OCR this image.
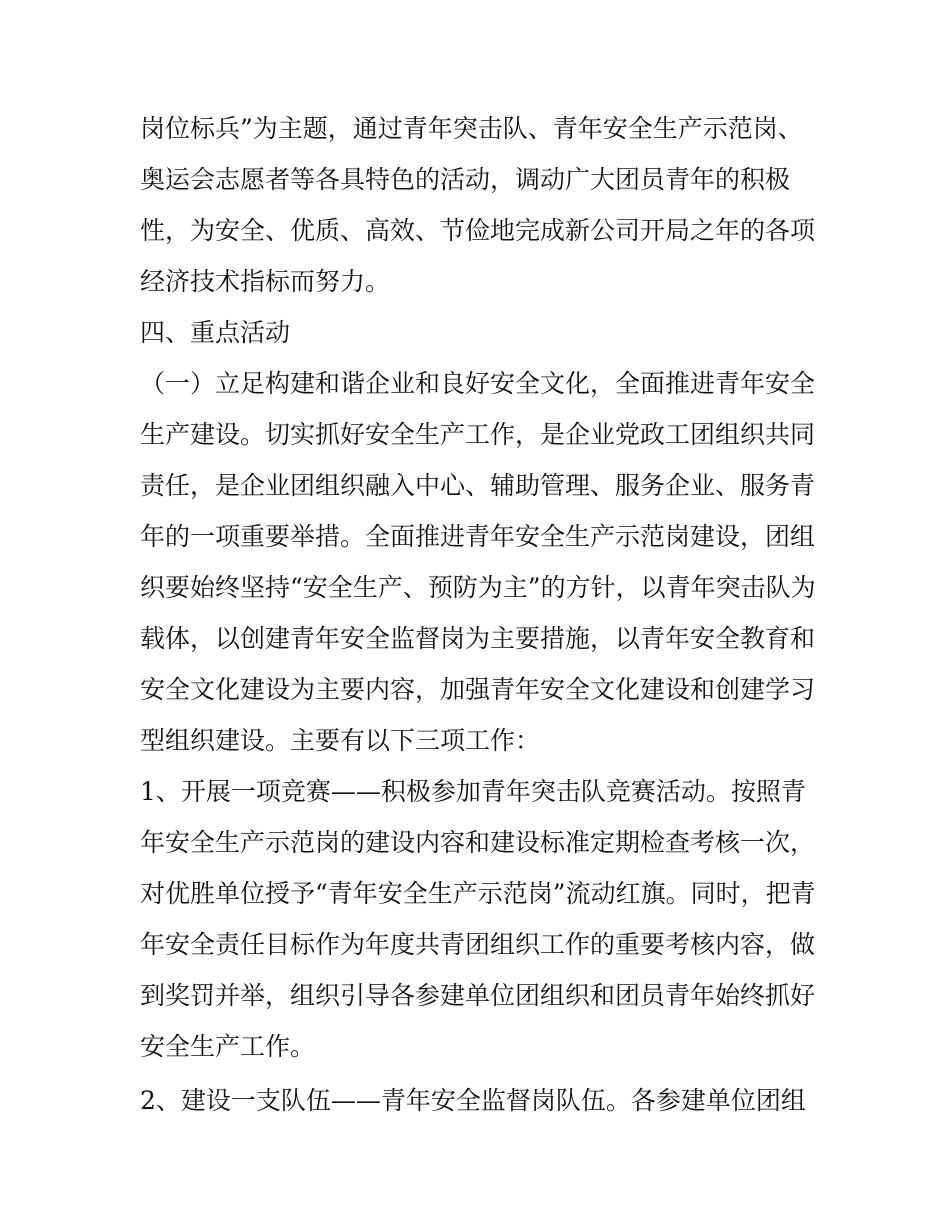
岗位标兵”为主题，通过青年突击队、青年安全生产示范岗、
奥运会志愿者等各具特色的活动，调动广大团员青年的积极
性，为安全、优质、高效、节俭地完成新公司开局之年的各项
经济技术指标而努力。
四、重点活动
（一）立足构建和谐企业和良好安全文化，全面推进青年安全
生产建设。切实抓好安全生产工作，是企业党政工团组织共同
责任，是企业团组织融入中心、辅助管理、服务企业、服务青
年的一项重要举措。全面推进青年安全生产示范岗建设，团组
织要始终坚持“安全生产、预防为主”的方针，以青年突击队为
载体，以创建青年安全监督岗为主要措施，以青年安全教育和
安全文化建设为主要内容，加强青年安全文化建设和创建学习
型组织建设。主要有以下三项工作：
1、开展一项竞赛——积极参加青年突击队竞赛活动。按照青
年安全生产示范岗的建设内容和建设标准定期检查考核一次，
对优胜单位授予“青年安全生产示范岗”流动红旗。同时，把青
年安全责任目标作为年度共青团组织工作的重要考核内容，做
到奖罚并举，组织引导各参建单位团组织和团员青年始终抓好
安全生产工作。
2、建设一支队伍——青年安全监督岗队伍。各参建单位团组
